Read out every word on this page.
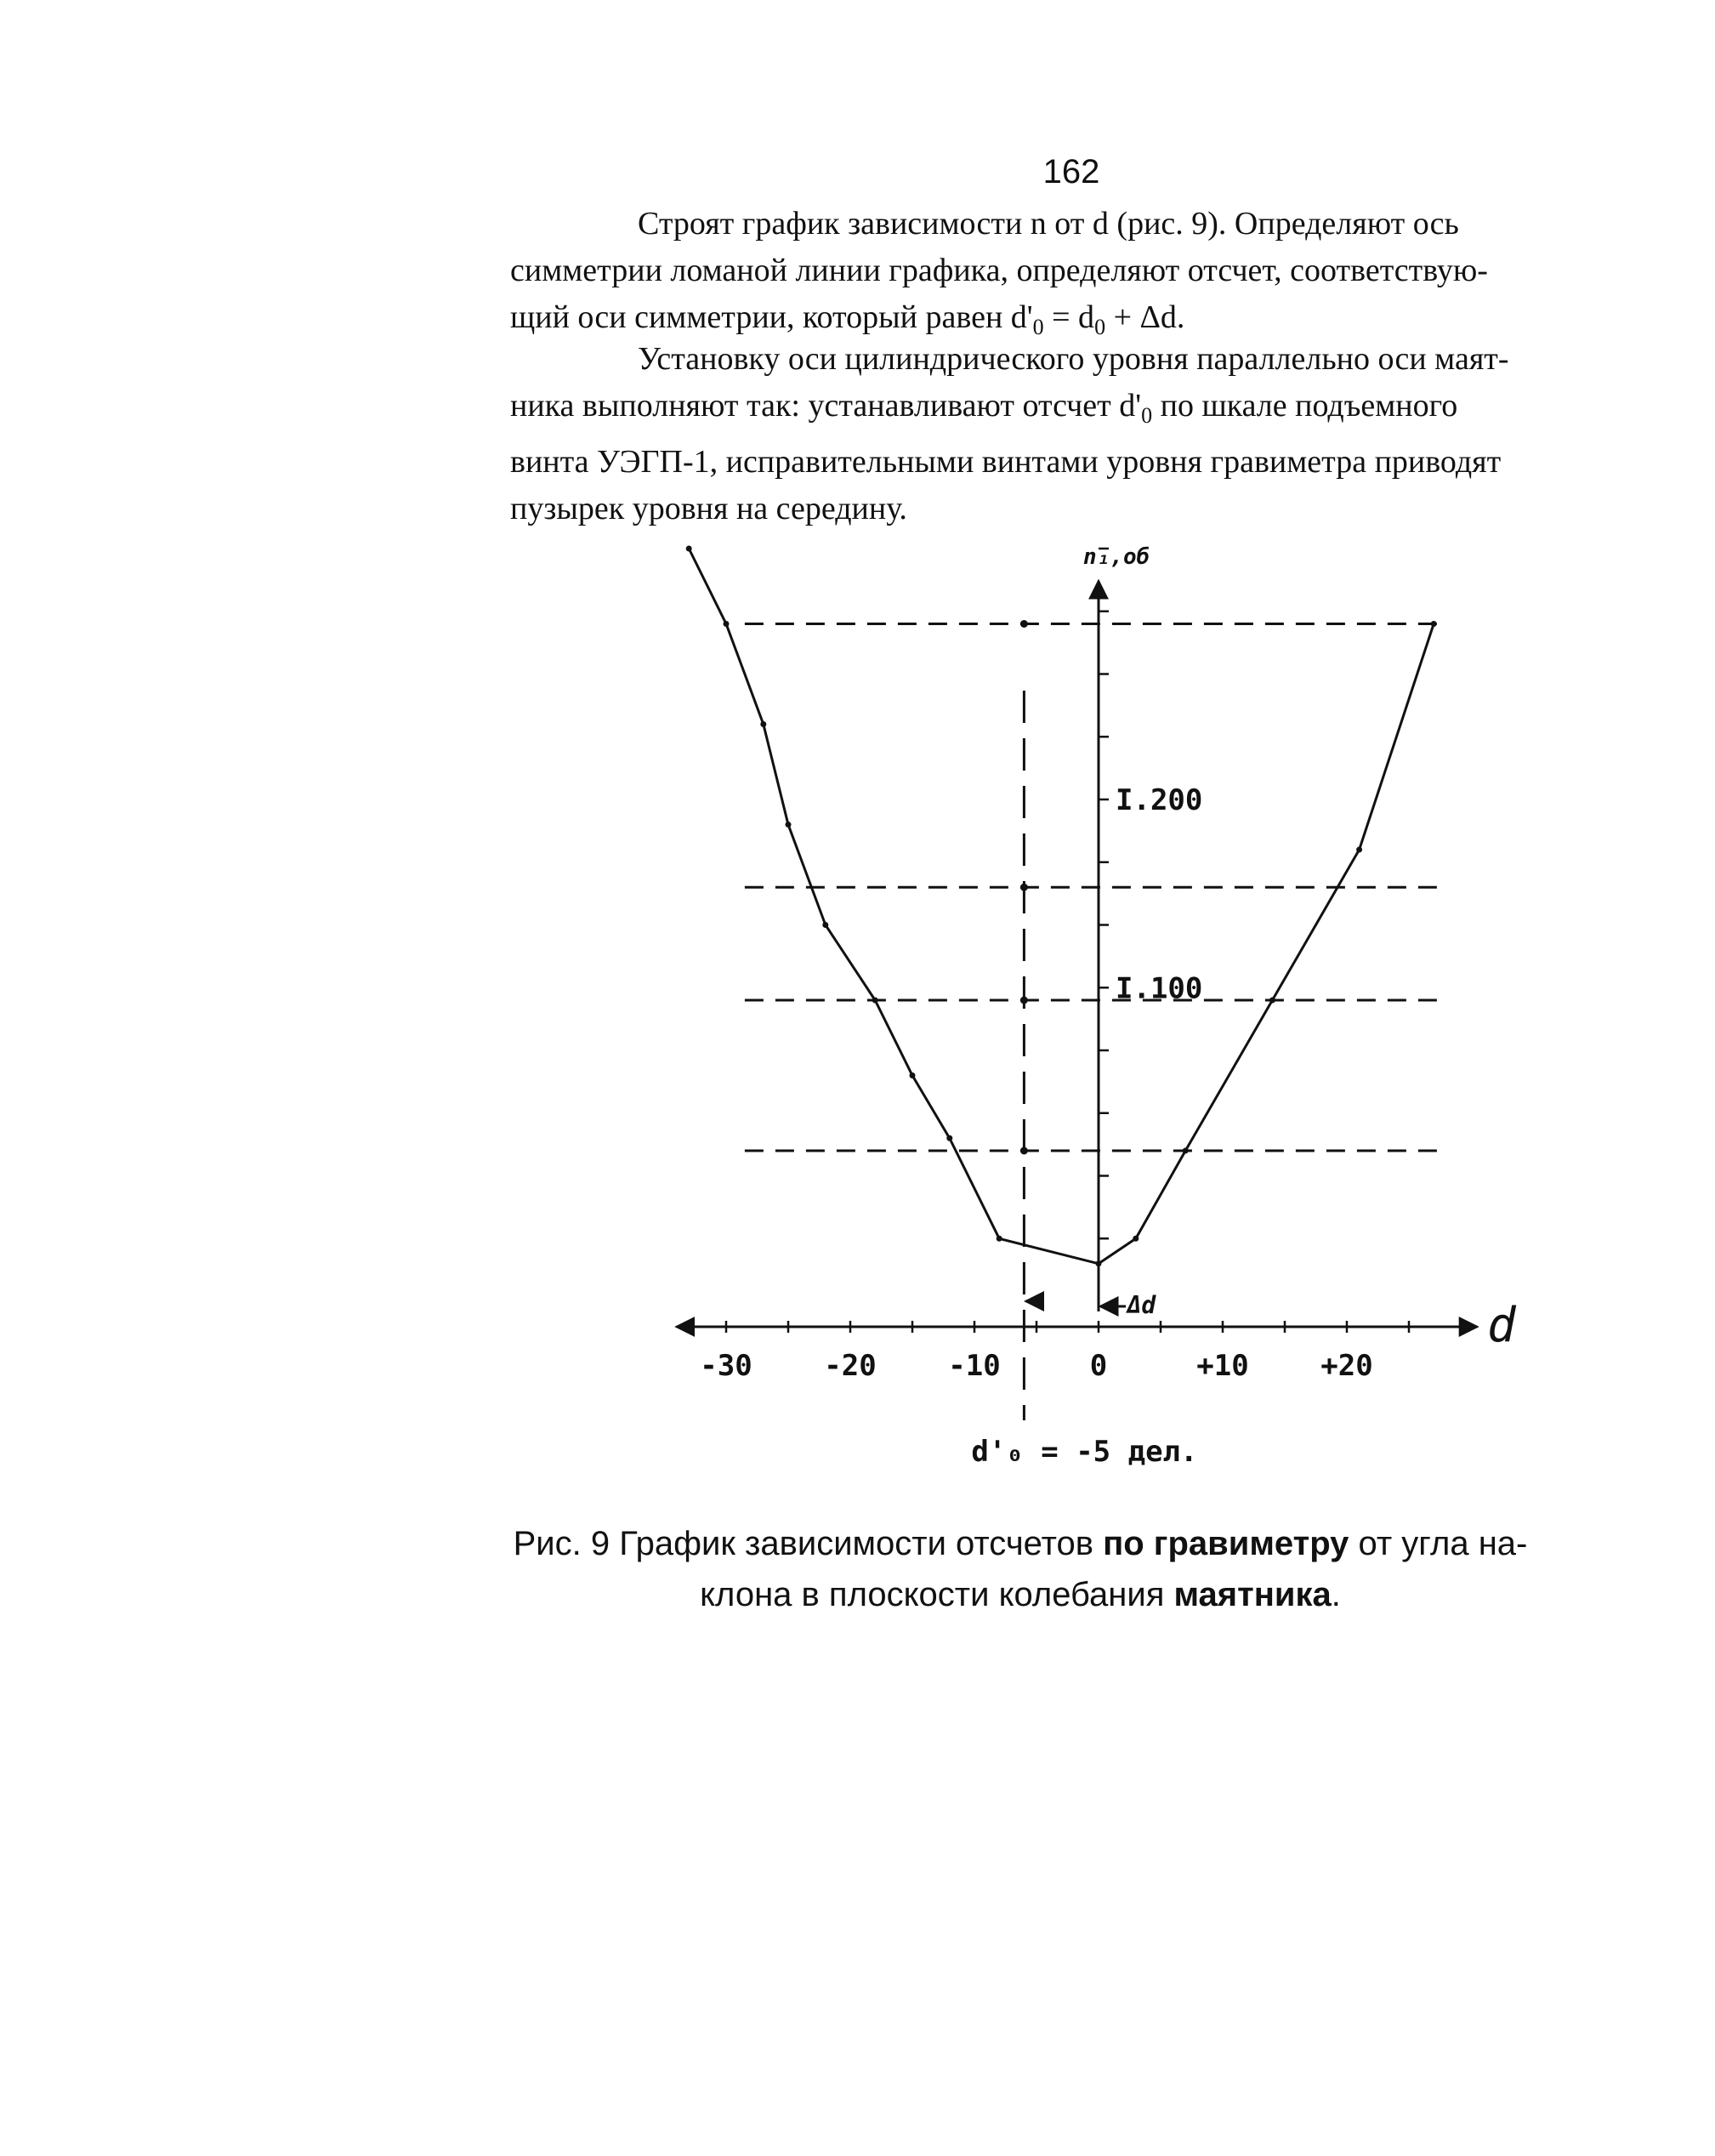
162

Строят график зависимости n от d (рис. 9). Определяют ось
симметрии ломаной линии графика, определяют отсчет, соответствую-
щий оси симметрии, который равен $d'_0 = d_0 + \Delta d$.

Установку оси цилиндрического уровня параллельно оси маят-
ника выполняют так: устанавливают отсчет $d'_0$ по шкале подъемного
винта УЭГП-1, исправительными винтами уровня гравиметра приводят
пузырек уровня на середину.

-30 -20 -10	0	+10 +20
I.200
I.100
n₁,об
d
Δd
d'₀ = -5 дел.

Рис. 9 График зависимости отсчетов по гравиметру от угла на-
клона в плоскости колебания маятника.
